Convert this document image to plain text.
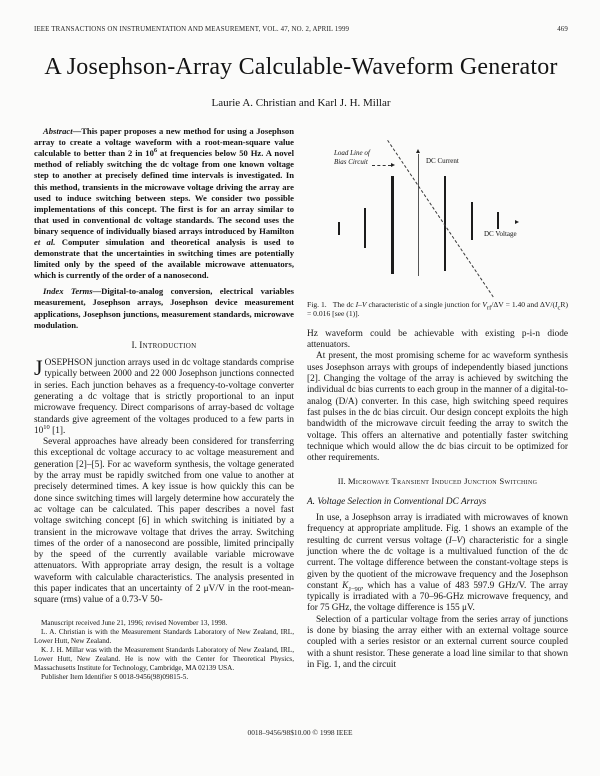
IEEE TRANSACTIONS ON INSTRUMENTATION AND MEASUREMENT, VOL. 47, NO. 2, APRIL 1999	469
A Josephson-Array Calculable-Waveform Generator
Laurie A. Christian and Karl J. H. Millar

Abstract—This paper proposes a new method for using a Josephson array to create a voltage waveform with a root-mean-square value calculable to better than 2 in $10^6$ at frequencies below 50 Hz. A novel method of reliably switching the dc voltage from one known voltage step to another at precisely defined time intervals is investigated. In this method, transients in the microwave voltage driving the array are used to induce switching between steps. We consider two possible implementations of this concept. The first is for an array similar to that used in conventional dc voltage standards. The second uses the binary sequence of individually biased arrays introduced by Hamilton et al. Computer simulation and theoretical analysis is used to demonstrate that the uncertainties in switching times are potentially limited only by the speed of the available microwave attenuators, which is currently of the order of a nanosecond.

Index Terms—Digital-to-analog conversion, electrical variables measurement, Josephson arrays, Josephson device measurement applications, Josephson junctions, measurement standards, microwave modulation.

I. Introduction

JOSEPHSON junction arrays used in dc voltage standards comprise typically between 2000 and 22 000 Josephson junctions connected in series. Each junction behaves as a frequency-to-voltage converter generating a dc voltage that is strictly proportional to an input microwave frequency. Direct comparisons of array-based dc voltage standards give agreement of the voltages produced to a few parts in $10^{10}$ [1].

Several approaches have already been considered for transferring this exceptional dc voltage accuracy to ac voltage measurement and generation [2]–[5]. For ac waveform synthesis, the voltage generated by the array must be rapidly switched from one value to another at precisely determined times. A key issue is how quickly this can be done since switching times will largely determine how accurately the ac voltage can be calculated. This paper describes a novel fast voltage switching concept [6] in which switching is initiated by a transient in the microwave voltage that drives the array. Switching times of the order of a nanosecond are possible, limited principally by the speed of the currently available variable microwave attenuators. With appropriate array design, the result is a voltage waveform with calculable characteristics. The analysis presented in this paper indicates that an uncertainty of 2 μV/V in the root-mean-square (rms) value of a 0.73-V 50-

Manuscript received June 21, 1996; revised November 13, 1998.

L. A. Christian is with the Measurement Standards Laboratory of New Zealand, IRL, Lower Hutt, New Zealand.

K. J. H. Millar was with the Measurement Standards Laboratory of New Zealand, IRL, Lower Hutt, New Zealand. He is now with the Center for Theoretical Physics, Massachusetts Institute for Technology, Cambridge, MA 02139 USA.

Publisher Item Identifier S 0018-9456(98)09815-5.

Load Line of
Bias Circuit	DC Current
DC Voltage

Fig. 1. The dc I–V characteristic of a single junction for $V_{rf}/\Delta V = 1.40$ and $\Delta V/(I_cR) = 0.016$ [see (1)].

Hz waveform could be achievable with existing p-i-n diode attenuators.

At present, the most promising scheme for ac waveform synthesis uses Josephson arrays with groups of independently biased junctions [2]. Changing the voltage of the array is achieved by switching the individual dc bias currents to each group in the manner of a digital-to-analog (D/A) converter. In this case, high switching speed requires fast pulses in the dc bias circuit. Our design concept exploits the high bandwidth of the microwave circuit feeding the array to switch the voltage. This offers an alternative and potentially faster switching technique which would allow the dc bias circuit to be optimized for other requirements.

II. Microwave Transient Induced Junction Switching

A. Voltage Selection in Conventional DC Arrays

In use, a Josephson array is irradiated with microwaves of known frequency at appropriate amplitude. Fig. 1 shows an example of the resulting dc current versus voltage (I–V) characteristic for a single junction where the dc voltage is a multivalued function of the dc current. The voltage difference between the constant-voltage steps is given by the quotient of the microwave frequency and the Josephson constant $K_{J-90}$, which has a value of 483 597.9 GHz/V. The array typically is irradiated with a 70–96-GHz microwave frequency, and for 75 GHz, the voltage difference is 155 μV.

Selection of a particular voltage from the series array of junctions is done by biasing the array either with an external voltage source coupled with a series resistor or an external current source coupled with a shunt resistor. These generate a load line similar to that shown in Fig. 1, and the circuit

0018–9456/98$10.00 © 1998 IEEE
